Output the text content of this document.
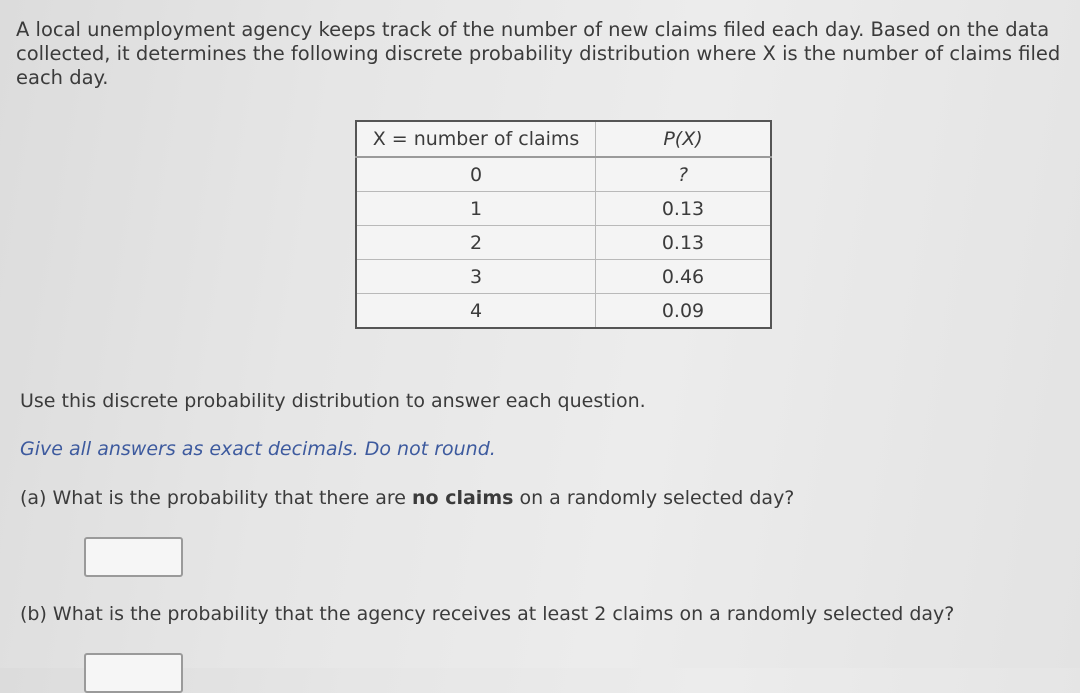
A local unemployment agency keeps track of the number of new claims filed each day. Based on the data collected, it determines the following discrete probability distribution where X is the number of claims filed each day.

X = number of claims	P(X)
0	?
1	0.13
2	0.13
3	0.46
4	0.09

Use this discrete probability distribution to answer each question.

Give all answers as exact decimals. Do not round.

(a) What is the probability that there are no claims on a randomly selected day?

(b) What is the probability that the agency receives at least 2 claims on a randomly selected day?
